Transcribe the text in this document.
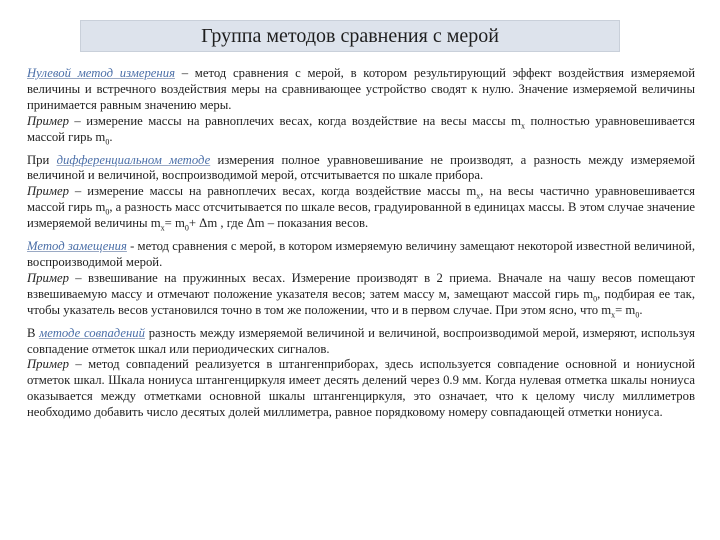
Группа методов сравнения с мерой

Нулевой метод измерения – метод сравнения с мерой, в котором результирующий эффект воздействия измеряемой величины и встречного воздействия меры на сравнивающее устройство сводят к нулю. Значение измеряемой величины принимается равным значению меры.

Пример – измерение массы на равноплечих весах, когда воздействие на весы массы $m_x$ полностью уравновешивается массой гирь $m_0$.

При дифференциальном методе измерения полное уравновешивание не производят, а разность между измеряемой величиной и величиной, воспроизводимой мерой, отсчитывается по шкале прибора.

Пример – измерение массы на равноплечих весах, когда воздействие массы $m_x$, на весы частично уравновешивается массой гирь $m_0$, а разность масс отсчитывается по шкале весов, градуированной в единицах массы. В этом случае значение измеряемой величины $m_x= m_0+ \Delta m$ , где Δm – показания весов.

Метод замещения - метод сравнения с мерой, в котором измеряемую величину замещают некоторой известной величиной, воспроизводимой мерой.

Пример – взвешивание на пружинных весах. Измерение производят в 2 приема. Вначале на чашу весов помещают взвешиваемую массу и отмечают положение указателя весов; затем массу м, замещают массой гирь $m_0$, подбирая ее так, чтобы указатель весов установился точно в том же положении, что и в первом случае. При этом ясно, что $m_x= m_0$.

В методе совпадений разность между измеряемой величиной и величиной, воспроизводимой мерой, измеряют, используя совпадение отметок шкал или периодических сигналов.

Пример – метод совпадений реализуется в штангенприборах, здесь используется совпадение основной и нониусной отметок шкал. Шкала нониуса штангенциркуля имеет десять делений через 0.9 мм. Когда нулевая отметка шкалы нониуса оказывается между отметками основной шкалы штангенциркуля, это означает, что к целому числу миллиметров необходимо добавить число десятых долей миллиметра, равное порядковому номеру совпадающей отметки нониуса.
